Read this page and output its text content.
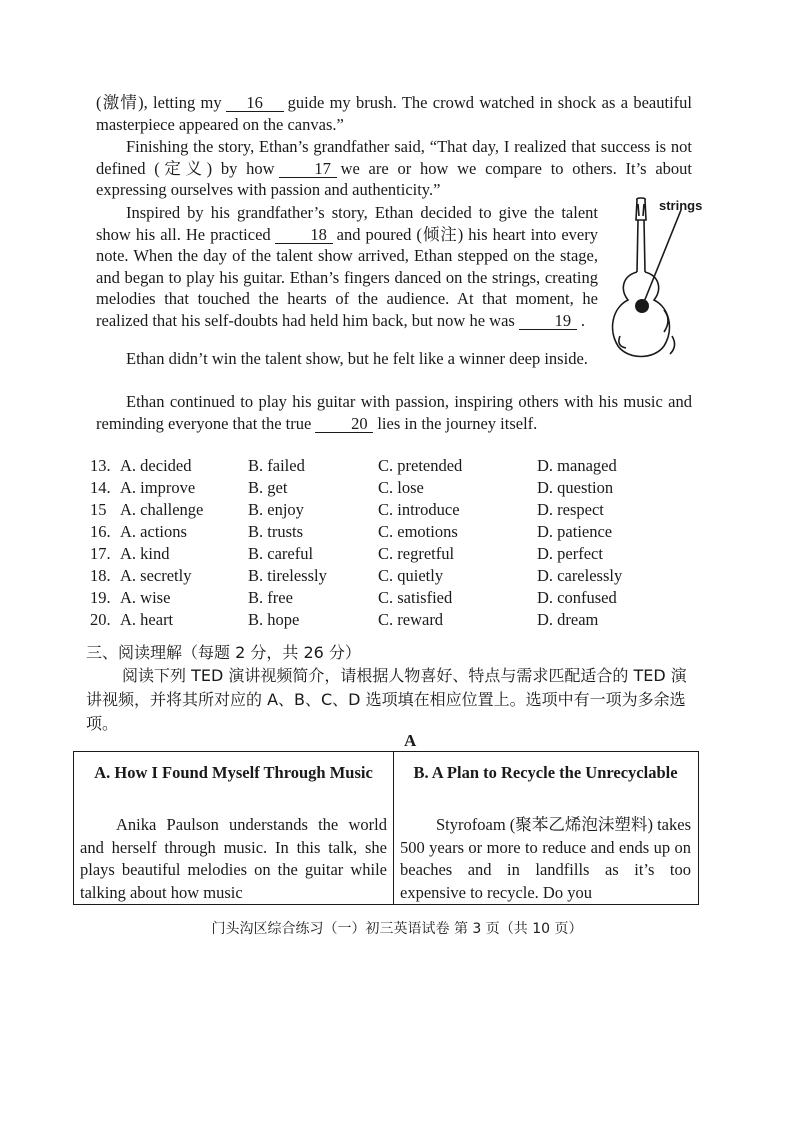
(激情), letting my 16 guide my brush. The crowd watched in shock as a beautiful masterpiece appeared on the canvas.”

Finishing the story, Ethan’s grandfather said, “That day, I realized that success is not defined (定义) by how 17 we are or how we compare to others. It’s about expressing ourselves with passion and authenticity.”

Inspired by his grandfather’s story, Ethan decided to give the talent show his all. He practiced 18 and poured (倾注) his heart into every note. When the day of the talent show arrived, Ethan stepped on the stage, and began to play his guitar. Ethan’s fingers danced on the strings, creating melodies that touched the hearts of the audience. At that moment, he realized that his self-doubts had held him back, but now he was 19 .

Ethan didn’t win the talent show, but he felt like a winner deep inside.

Ethan continued to play his guitar with passion, inspiring others with his music and reminding everyone that the true 20 lies in the journey itself.

strings
13. A. decided	B. failed	C. pretended	D. managed
14. A. improve	B. get	C. lose	D. question
15 A. challenge	B. enjoy	C. introduce	D. respect
16. A. actions	B. trusts	C. emotions	D. patience
17. A. kind	B. careful	C. regretful	D. perfect
18. A. secretly	B. tirelessly	C. quietly	D. carelessly
19. A. wise	B. free	C. satisfied	D. confused
20. A. heart	B. hope	C. reward	D. dream
三、阅读理解（每题 2 分，共 26 分）

阅读下列 TED 演讲视频简介，请根据人物喜好、特点与需求匹配适合的 TED 演讲视频，并将其所对应的 A、B、C、D 选项填在相应位置上。选项中有一项为多余选项。

A
A. How I Found Myself Through Music

Anika Paulson understands the world and herself through music. In this talk, she plays beautiful melodies on the guitar while talking about how music

B. A Plan to Recycle the Unrecyclable

Styrofoam (聚苯乙烯泡沫塑料) takes 500 years or more to reduce and ends up on beaches and in landfills as it’s too expensive to recycle. Do you

门头沟区综合练习（一）初三英语试卷 第 3 页（共 10 页）
